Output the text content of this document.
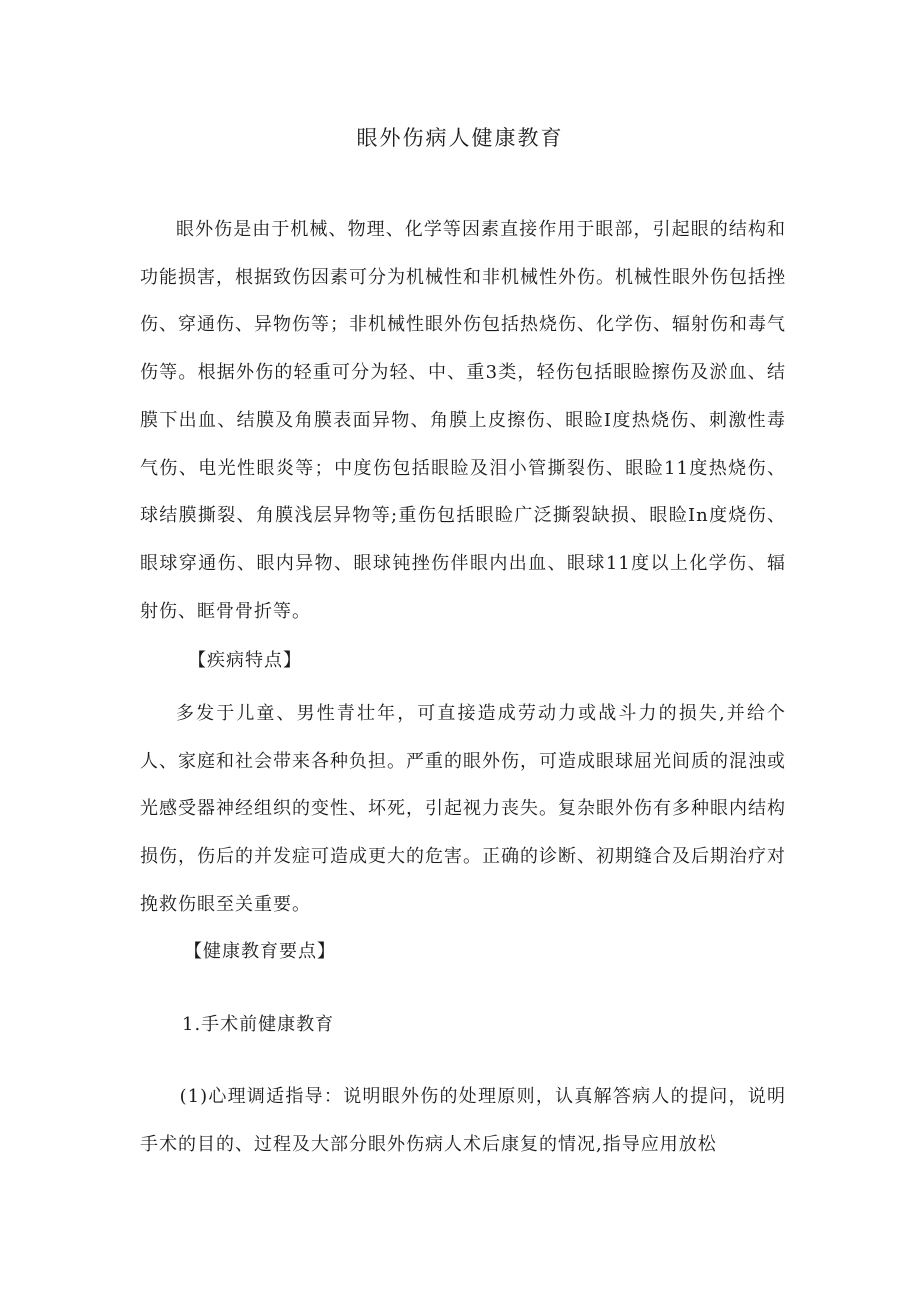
眼外伤病人健康教育

眼外伤是由于机械、物理、化学等因素直接作用于眼部，引起眼的结构和功能损害，根据致伤因素可分为机械性和非机械性外伤。机械性眼外伤包括挫伤、穿通伤、异物伤等；非机械性眼外伤包括热烧伤、化学伤、辐射伤和毒气伤等。根据外伤的轻重可分为轻、中、重3类，轻伤包括眼睑擦伤及淤血、结膜下出血、结膜及角膜表面异物、角膜上皮擦伤、眼睑I度热烧伤、刺激性毒气伤、电光性眼炎等；中度伤包括眼睑及泪小管撕裂伤、眼睑11度热烧伤、球结膜撕裂、角膜浅层异物等;重伤包括眼睑广泛撕裂缺损、眼睑In度烧伤、眼球穿通伤、眼内异物、眼球钝挫伤伴眼内出血、眼球11度以上化学伤、辐射伤、眶骨骨折等。

【疾病特点】

多发于儿童、男性青壮年，可直接造成劳动力或战斗力的损失,并给个人、家庭和社会带来各种负担。严重的眼外伤，可造成眼球屈光间质的混浊或光感受器神经组织的变性、坏死，引起视力丧失。复杂眼外伤有多种眼内结构损伤，伤后的并发症可造成更大的危害。正确的诊断、初期缝合及后期治疗对挽救伤眼至关重要。

【健康教育要点】
1.手术前健康教育

(1)心理调适指导：说明眼外伤的处理原则，认真解答病人的提问，说明手术的目的、过程及大部分眼外伤病人术后康复的情况,指导应用放松
